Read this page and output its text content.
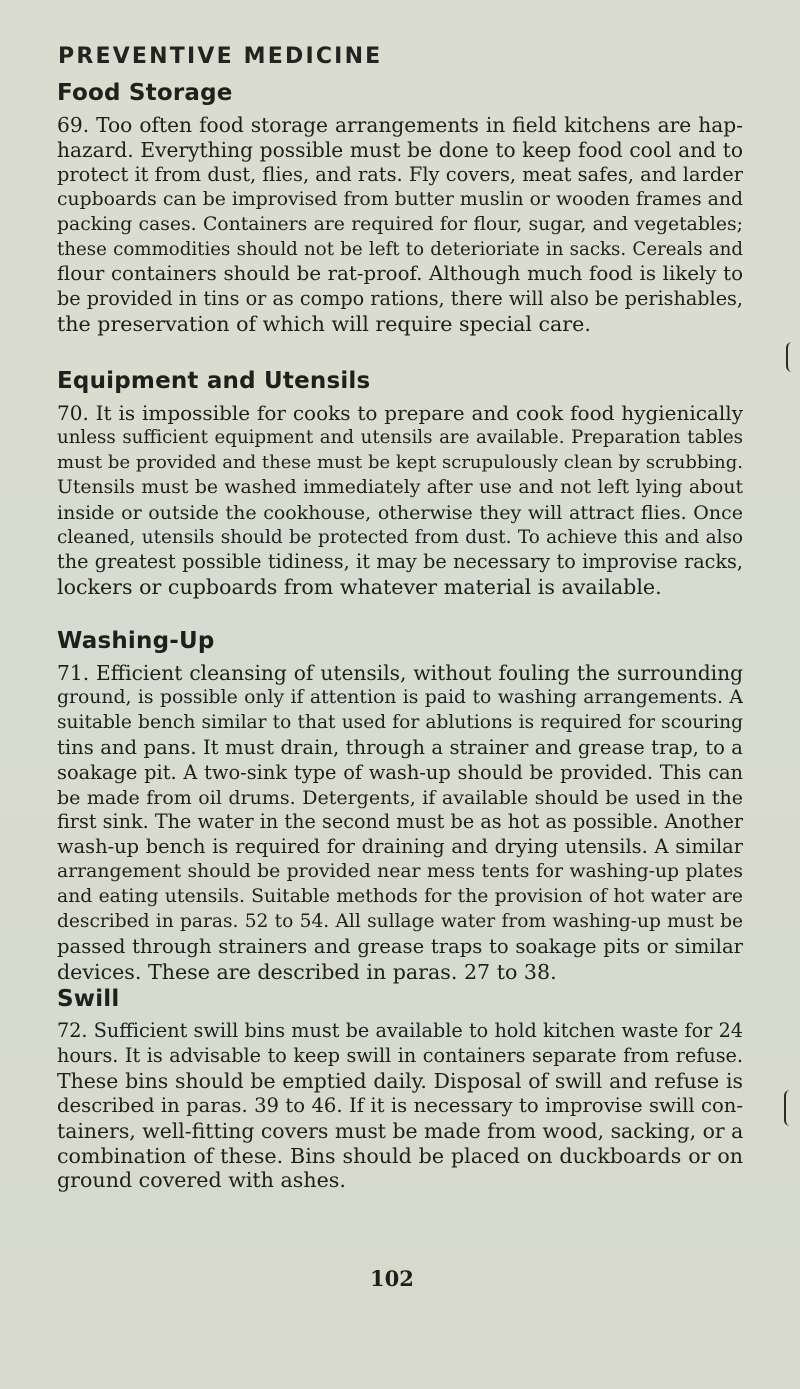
PREVENTIVE MEDICINE
Food Storage
69. Too often food storage arrangements in field kitchens are hap-
hazard. Everything possible must be done to keep food cool and to
protect it from dust, flies, and rats. Fly covers, meat safes, and larder
cupboards can be improvised from butter muslin or wooden frames and
packing cases. Containers are required for flour, sugar, and vegetables;
these commodities should not be left to deterioriate in sacks. Cereals and
flour containers should be rat-proof. Although much food is likely to
be provided in tins or as compo rations, there will also be perishables,
the preservation of which will require special care.
Equipment and Utensils
70. It is impossible for cooks to prepare and cook food hygienically
unless sufficient equipment and utensils are available. Preparation tables
must be provided and these must be kept scrupulously clean by scrubbing.
Utensils must be washed immediately after use and not left lying about
inside or outside the cookhouse, otherwise they will attract flies. Once
cleaned, utensils should be protected from dust. To achieve this and also
the greatest possible tidiness, it may be necessary to improvise racks,
lockers or cupboards from whatever material is available.
Washing-Up
71. Efficient cleansing of utensils, without fouling the surrounding
ground, is possible only if attention is paid to washing arrangements. A
suitable bench similar to that used for ablutions is required for scouring
tins and pans. It must drain, through a strainer and grease trap, to a
soakage pit. A two-sink type of wash-up should be provided. This can
be made from oil drums. Detergents, if available should be used in the
first sink. The water in the second must be as hot as possible. Another
wash-up bench is required for draining and drying utensils. A similar
arrangement should be provided near mess tents for washing-up plates
and eating utensils. Suitable methods for the provision of hot water are
described in paras. 52 to 54. All sullage water from washing-up must be
passed through strainers and grease traps to soakage pits or similar
devices. These are described in paras. 27 to 38.
Swill
72. Sufficient swill bins must be available to hold kitchen waste for 24
hours. It is advisable to keep swill in containers separate from refuse.
These bins should be emptied daily. Disposal of swill and refuse is
described in paras. 39 to 46. If it is necessary to improvise swill con-
tainers, well-fitting covers must be made from wood, sacking, or a
combination of these. Bins should be placed on duckboards or on
ground covered with ashes.
102
